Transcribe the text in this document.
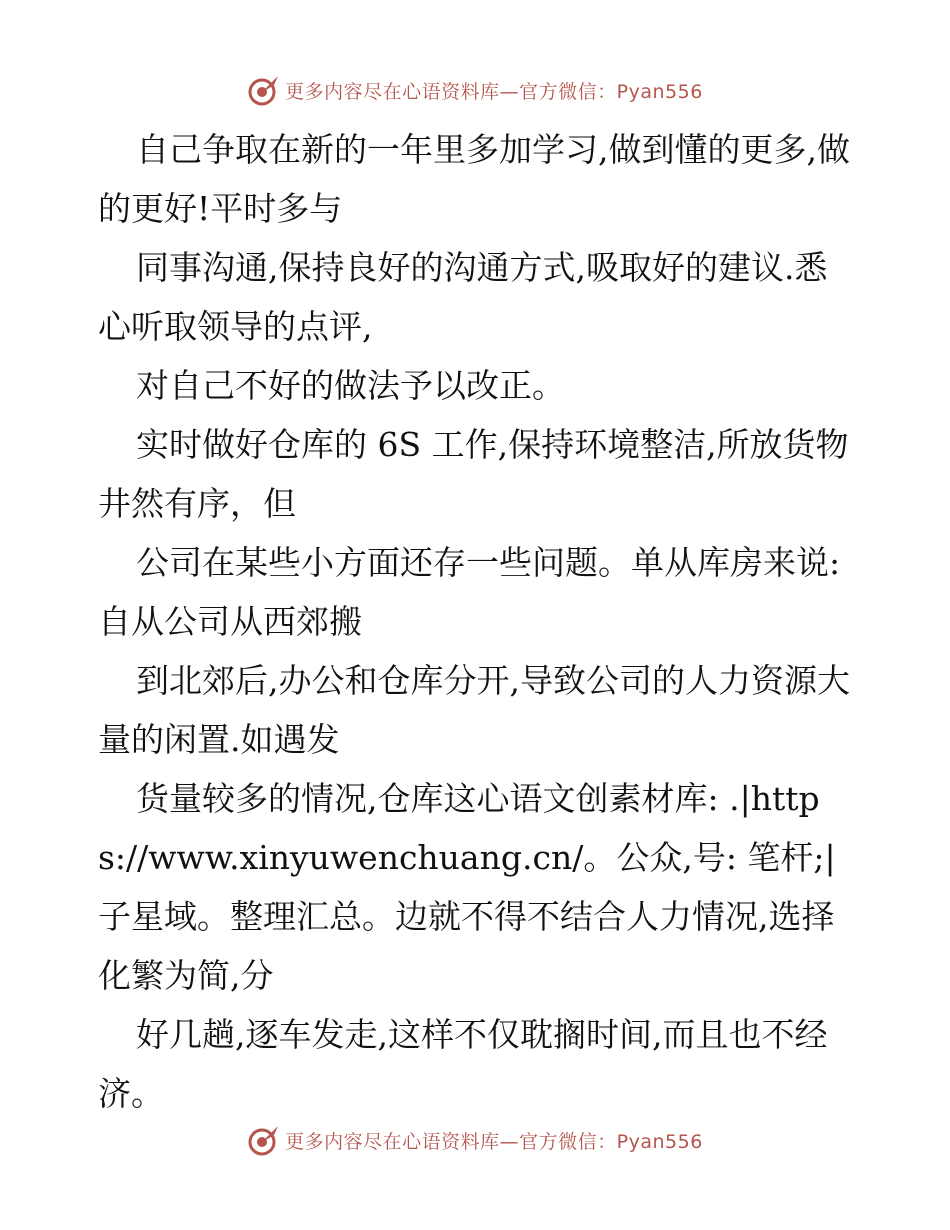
更多内容尽在心语资料库—官方微信：Pyan556

自己争取在新的一年里多加学习,做到懂的更多,做的更好!平时多与

同事沟通,保持良好的沟通方式,吸取好的建议.悉心听取领导的点评,

对自己不好的做法予以改正。

实时做好仓库的 6S 工作,保持环境整洁,所放货物井然有序，但

公司在某些小方面还存一些问题。单从库房来说:自从公司从西郊搬

到北郊后,办公和仓库分开,导致公司的人力资源大量的闲置.如遇发

货量较多的情况,仓库这心语文创素材库: .|https://www.xinyuwenchuang.cn/。公众,号: 笔杆;|子星域。整理汇总。边就不得不结合人力情况,选择化繁为简,分

好几趟,逐车发走,这样不仅耽搁时间,而且也不经济。

更多内容尽在心语资料库—官方微信：Pyan556
